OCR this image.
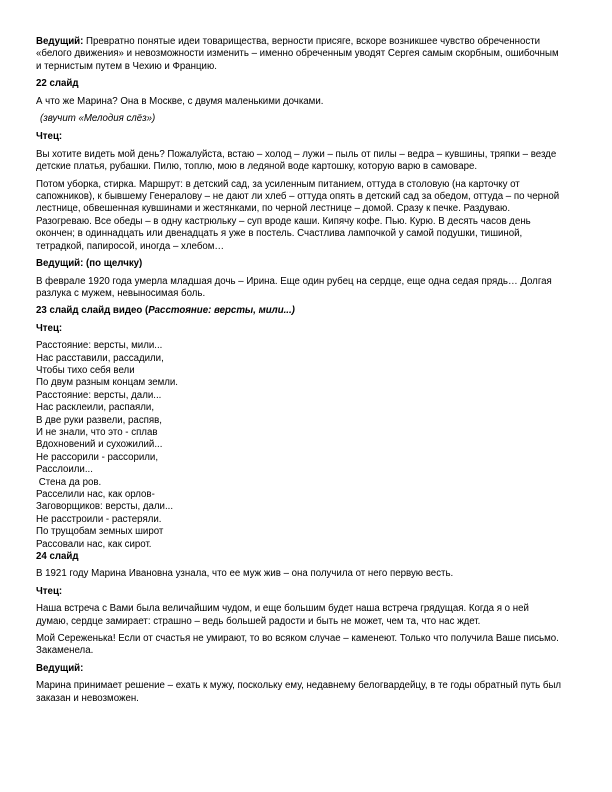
Ведущий: Превратно понятые идеи товарищества, верности присяге, вскоре возникшее чувство обреченности «белого движения» и невозможности изменить – именно обреченным уводят Сергея самым скорбным, ошибочным и тернистым путем в Чехию и Францию.

22 слайд

А что же Марина? Она в Москве, с двумя маленькими дочками.

(звучит «Мелодия слёз»)

Чтец:

Вы хотите видеть мой день? Пожалуйста, встаю – холод – лужи – пыль от пилы – ведра – кувшины, тряпки – везде детские платья, рубашки. Пилю, топлю, мою в ледяной воде картошку, которую варю в самоваре.

Потом уборка, стирка. Маршрут: в детский сад, за усиленным питанием, оттуда в столовую (на карточку от сапожников), к бывшему Генералову – не дают ли хлеб – оттуда опять в детский сад за обедом, оттуда – по черной лестнице, обвешенная кувшинами и жестянками, по черной лестнице – домой. Сразу к печке. Раздуваю. Разогреваю. Все обеды – в одну кастрюльку – суп вроде каши. Кипячу кофе. Пью. Курю. В десять часов день окончен; в одиннадцать или двенадцать я уже в постель. Счастлива лампочкой у самой подушки, тишиной, тетрадкой, папиросой, иногда – хлебом…

Ведущий: (по щелчку)

В феврале 1920 года умерла младшая дочь – Ирина. Еще один рубец на сердце, еще одна седая прядь… Долгая разлука с мужем, невыносимая боль.

23 слайд слайд видео (Расстояние: версты, мили...)

Чтец:

Расстояние: версты, мили...
Нас расставили, рассадили,
Чтобы тихо себя вели
По двум разным концам земли.
Расстояние: версты, дали...
Нас расклеили, распаяли,
В две руки развели, распяв,
И не знали, что это - сплав
Вдохновений и сухожилий...
Не рассорили - рассорили,
Расслоили...
Стена да ров.
Расселили нас, как орлов-
Заговорщиков: версты, дали...
Не расстроили - растеряли.
По трущобам земных широт
Рассовали нас, как сирот.

24 слайд

В 1921 году Марина Ивановна узнала, что ее муж жив – она получила от него первую весть.

Чтец:

Наша встреча с Вами была величайшим чудом, и еще большим будет наша встреча грядущая. Когда я о ней думаю, сердце замирает: страшно – ведь большей радости и быть не может, чем та, что нас ждет.

Мой Сереженька! Если от счастья не умирают, то во всяком случае – каменеют. Только что получила Ваше письмо. Закаменела.

Ведущий:

Марина принимает решение – ехать к мужу, поскольку ему, недавнему белогвардейцу, в те годы обратный путь был заказан и невозможен.
